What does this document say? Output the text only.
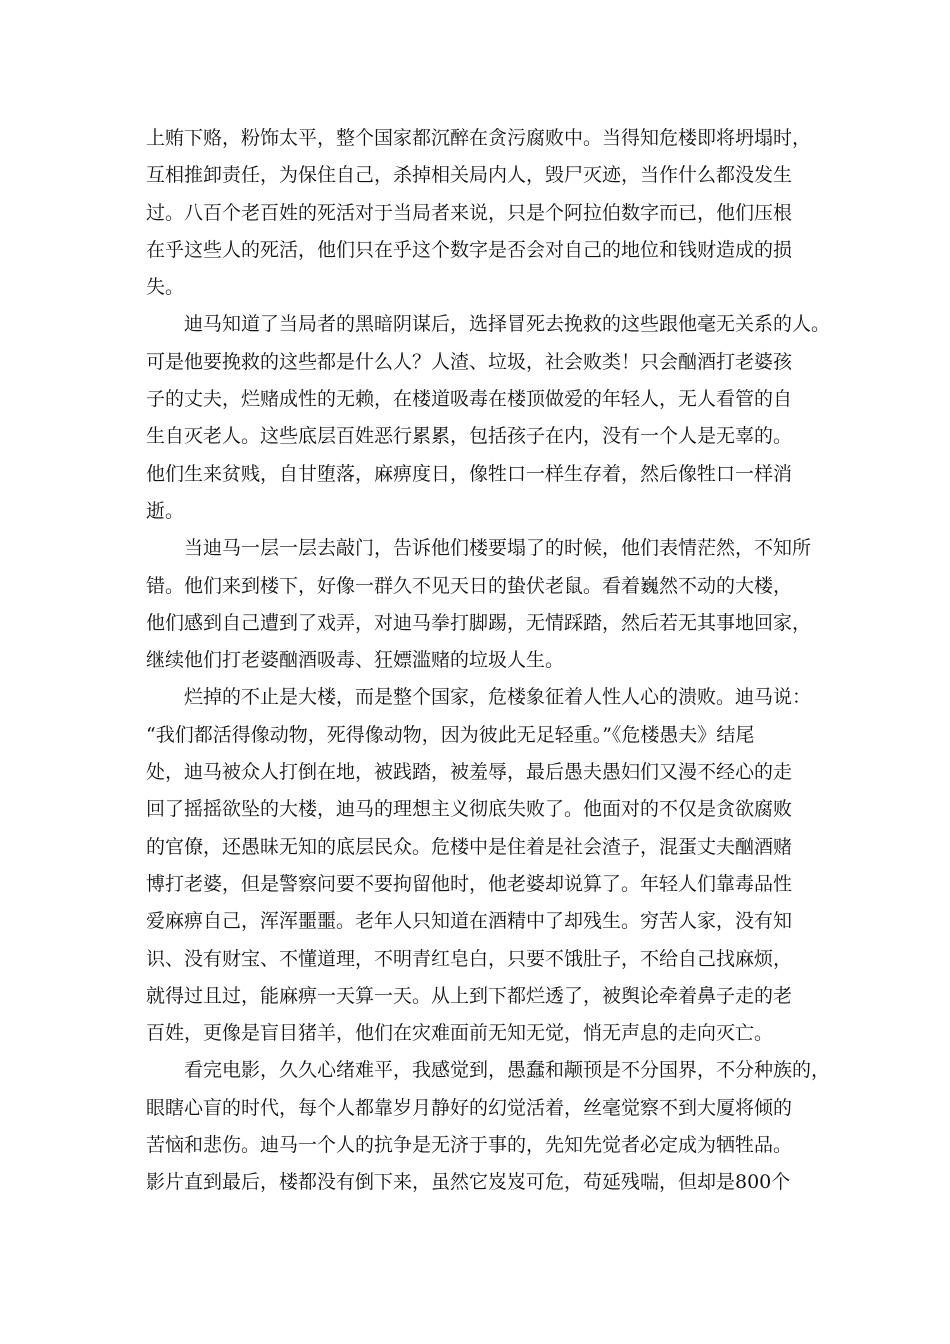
上贿下赂，粉饰太平，整个国家都沉醉在贪污腐败中。当得知危楼即将坍塌时，
互相推卸责任，为保住自己，杀掉相关局内人，毁尸灭迹，当作什么都没发生
过。八百个老百姓的死活对于当局者来说，只是个阿拉伯数字而已，他们压根
在乎这些人的死活，他们只在乎这个数字是否会对自己的地位和钱财造成的损
失。
　　迪马知道了当局者的黑暗阴谋后，选择冒死去挽救的这些跟他毫无关系的人。
可是他要挽救的这些都是什么人？人渣、垃圾，社会败类！只会酗酒打老婆孩
子的丈夫，烂赌成性的无赖，在楼道吸毒在楼顶做爱的年轻人，无人看管的自
生自灭老人。这些底层百姓恶行累累，包括孩子在内，没有一个人是无辜的。
他们生来贫贱，自甘堕落，麻痹度日，像牲口一样生存着，然后像牲口一样消
逝。
　　当迪马一层一层去敲门，告诉他们楼要塌了的时候，他们表情茫然，不知所
错。他们来到楼下，好像一群久不见天日的蛰伏老鼠。看着巍然不动的大楼，
他们感到自己遭到了戏弄，对迪马拳打脚踢，无情踩踏，然后若无其事地回家，
继续他们打老婆酗酒吸毒、狂嫖滥赌的垃圾人生。
　　烂掉的不止是大楼，而是整个国家，危楼象征着人性人心的溃败。迪马说：
“我们都活得像动物，死得像动物，因为彼此无足轻重。”《危楼愚夫》结尾
处，迪马被众人打倒在地，被践踏，被羞辱，最后愚夫愚妇们又漫不经心的走
回了摇摇欲坠的大楼，迪马的理想主义彻底失败了。他面对的不仅是贪欲腐败
的官僚，还愚昧无知的底层民众。危楼中是住着是社会渣子，混蛋丈夫酗酒赌
博打老婆，但是警察问要不要拘留他时，他老婆却说算了。年轻人们靠毒品性
爱麻痹自己，浑浑噩噩。老年人只知道在酒精中了却残生。穷苦人家，没有知
识、没有财宝、不懂道理，不明青红皂白，只要不饿肚子，不给自己找麻烦，
就得过且过，能麻痹一天算一天。从上到下都烂透了，被舆论牵着鼻子走的老
百姓，更像是盲目猪羊，他们在灾难面前无知无觉，悄无声息的走向灭亡。
　　看完电影，久久心绪难平，我感觉到，愚蠢和颟顸是不分国界，不分种族的，
眼瞎心盲的时代，每个人都靠岁月静好的幻觉活着，丝毫觉察不到大厦将倾的
苦恼和悲伤。迪马一个人的抗争是无济于事的，先知先觉者必定成为牺牲品。
影片直到最后，楼都没有倒下来，虽然它岌岌可危，苟延残喘，但却是800个
